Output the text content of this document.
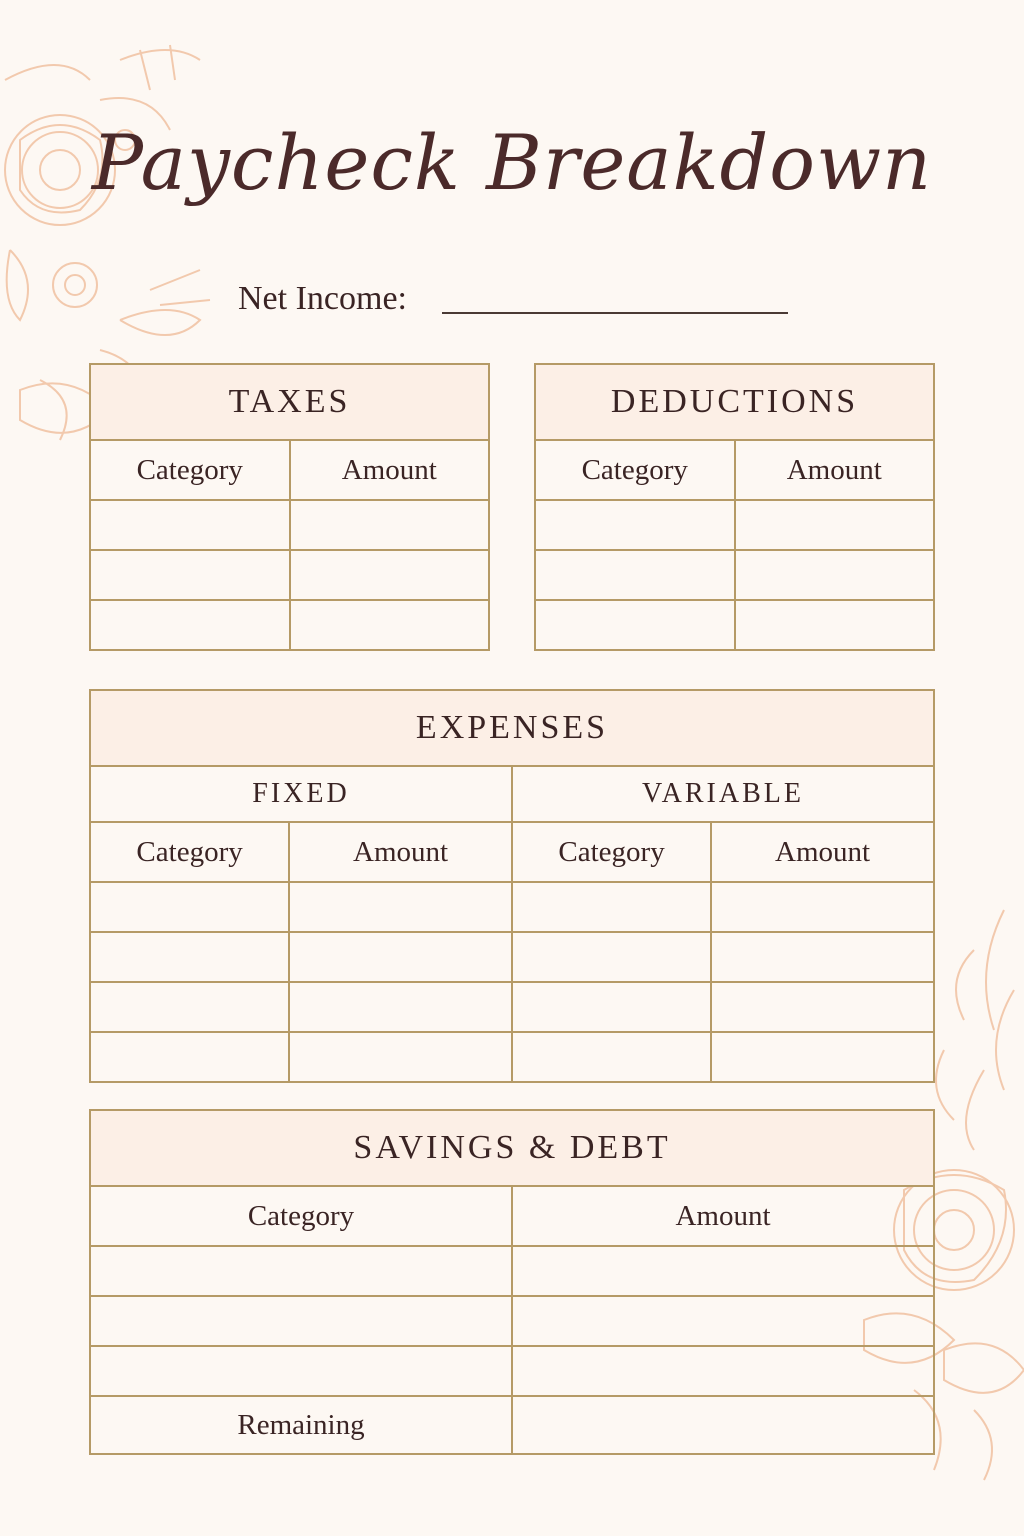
Paycheck Breakdown
Net Income:
TAXES	
Category	Amount

DEDUCTIONS	
Category	Amount

EXPENSES			
FIXED		VARIABLE	
Category	Amount	Category	Amount

SAVINGS & DEBT	
Category	Amount

Remaining	
